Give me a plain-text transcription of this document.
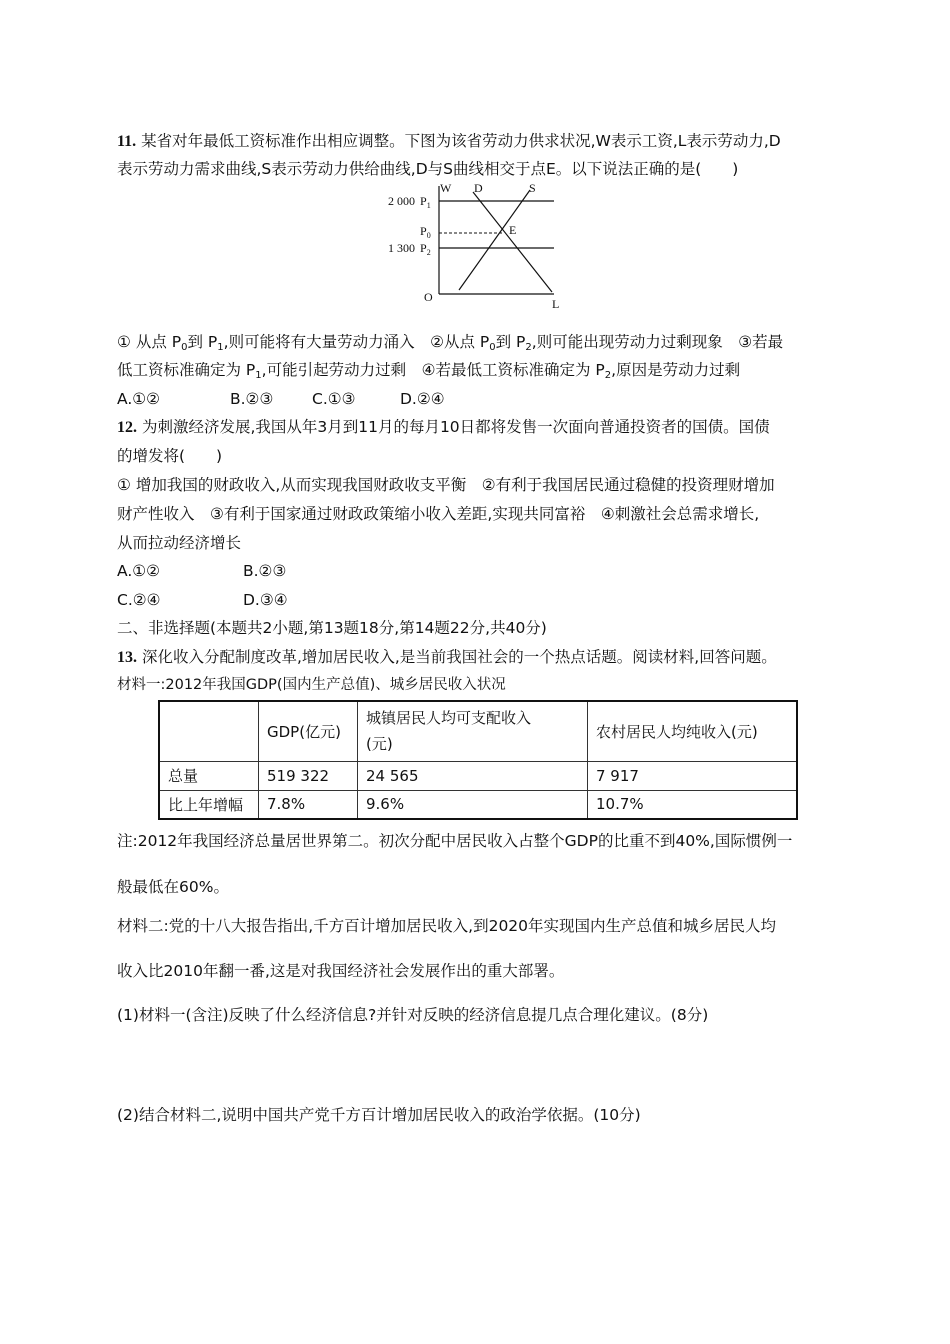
11. 某省对年最低工资标准作出相应调整。下图为该省劳动力供求状况,W表示工资,L表示劳动力,D
表示劳动力需求曲线,S表示劳动力供给曲线,D与S曲线相交于点E。以下说法正确的是(　　)
W D	S
E
O	L
2 000 $P_1$
$P_0$
1 300 $P_2$
① 从点 $P_0$到 $P_1$,则可能将有大量劳动力涌入　②从点 $P_0$到 $P_2$,则可能出现劳动力过剩现象　③若最
低工资标准确定为 $P_1$,可能引起劳动力过剩　④若最低工资标准确定为 $P_2$,原因是劳动力过剩
A.①②	B.②③ C.①③	D.②④
12. 为刺激经济发展,我国从年3月到11月的每月10日都将发售一次面向普通投资者的国债。国债
的增发将(　　)
① 增加我国的财政收入,从而实现我国财政收支平衡　②有利于我国居民通过稳健的投资理财增加
财产性收入　③有利于国家通过财政政策缩小收入差距,实现共同富裕　④刺激社会总需求增长,
从而拉动经济增长
A.①②	B.②③
C.②④	D.③④
二、非选择题(本题共2小题,第13题18分,第14题22分,共40分)
13. 深化收入分配制度改革,增加居民收入,是当前我国社会的一个热点话题。阅读材料,回答问题。
材料一:2012年我国GDP(国内生产总值)、城乡居民收入状况
	GDP(亿元)	城镇居民人均可支配收入
(元)	农村居民人均纯收入(元)
总量	519 322	24 565	7 917
比上年增幅	7.8%	9.6%	10.7%
注:2012年我国经济总量居世界第二。初次分配中居民收入占整个GDP的比重不到40%,国际惯例一
般最低在60%。
材料二:党的十八大报告指出,千方百计增加居民收入,到2020年实现国内生产总值和城乡居民人均
收入比2010年翻一番,这是对我国经济社会发展作出的重大部署。
(1)材料一(含注)反映了什么经济信息?并针对反映的经济信息提几点合理化建议。(8分)
(2)结合材料二,说明中国共产党千方百计增加居民收入的政治学依据。(10分)
